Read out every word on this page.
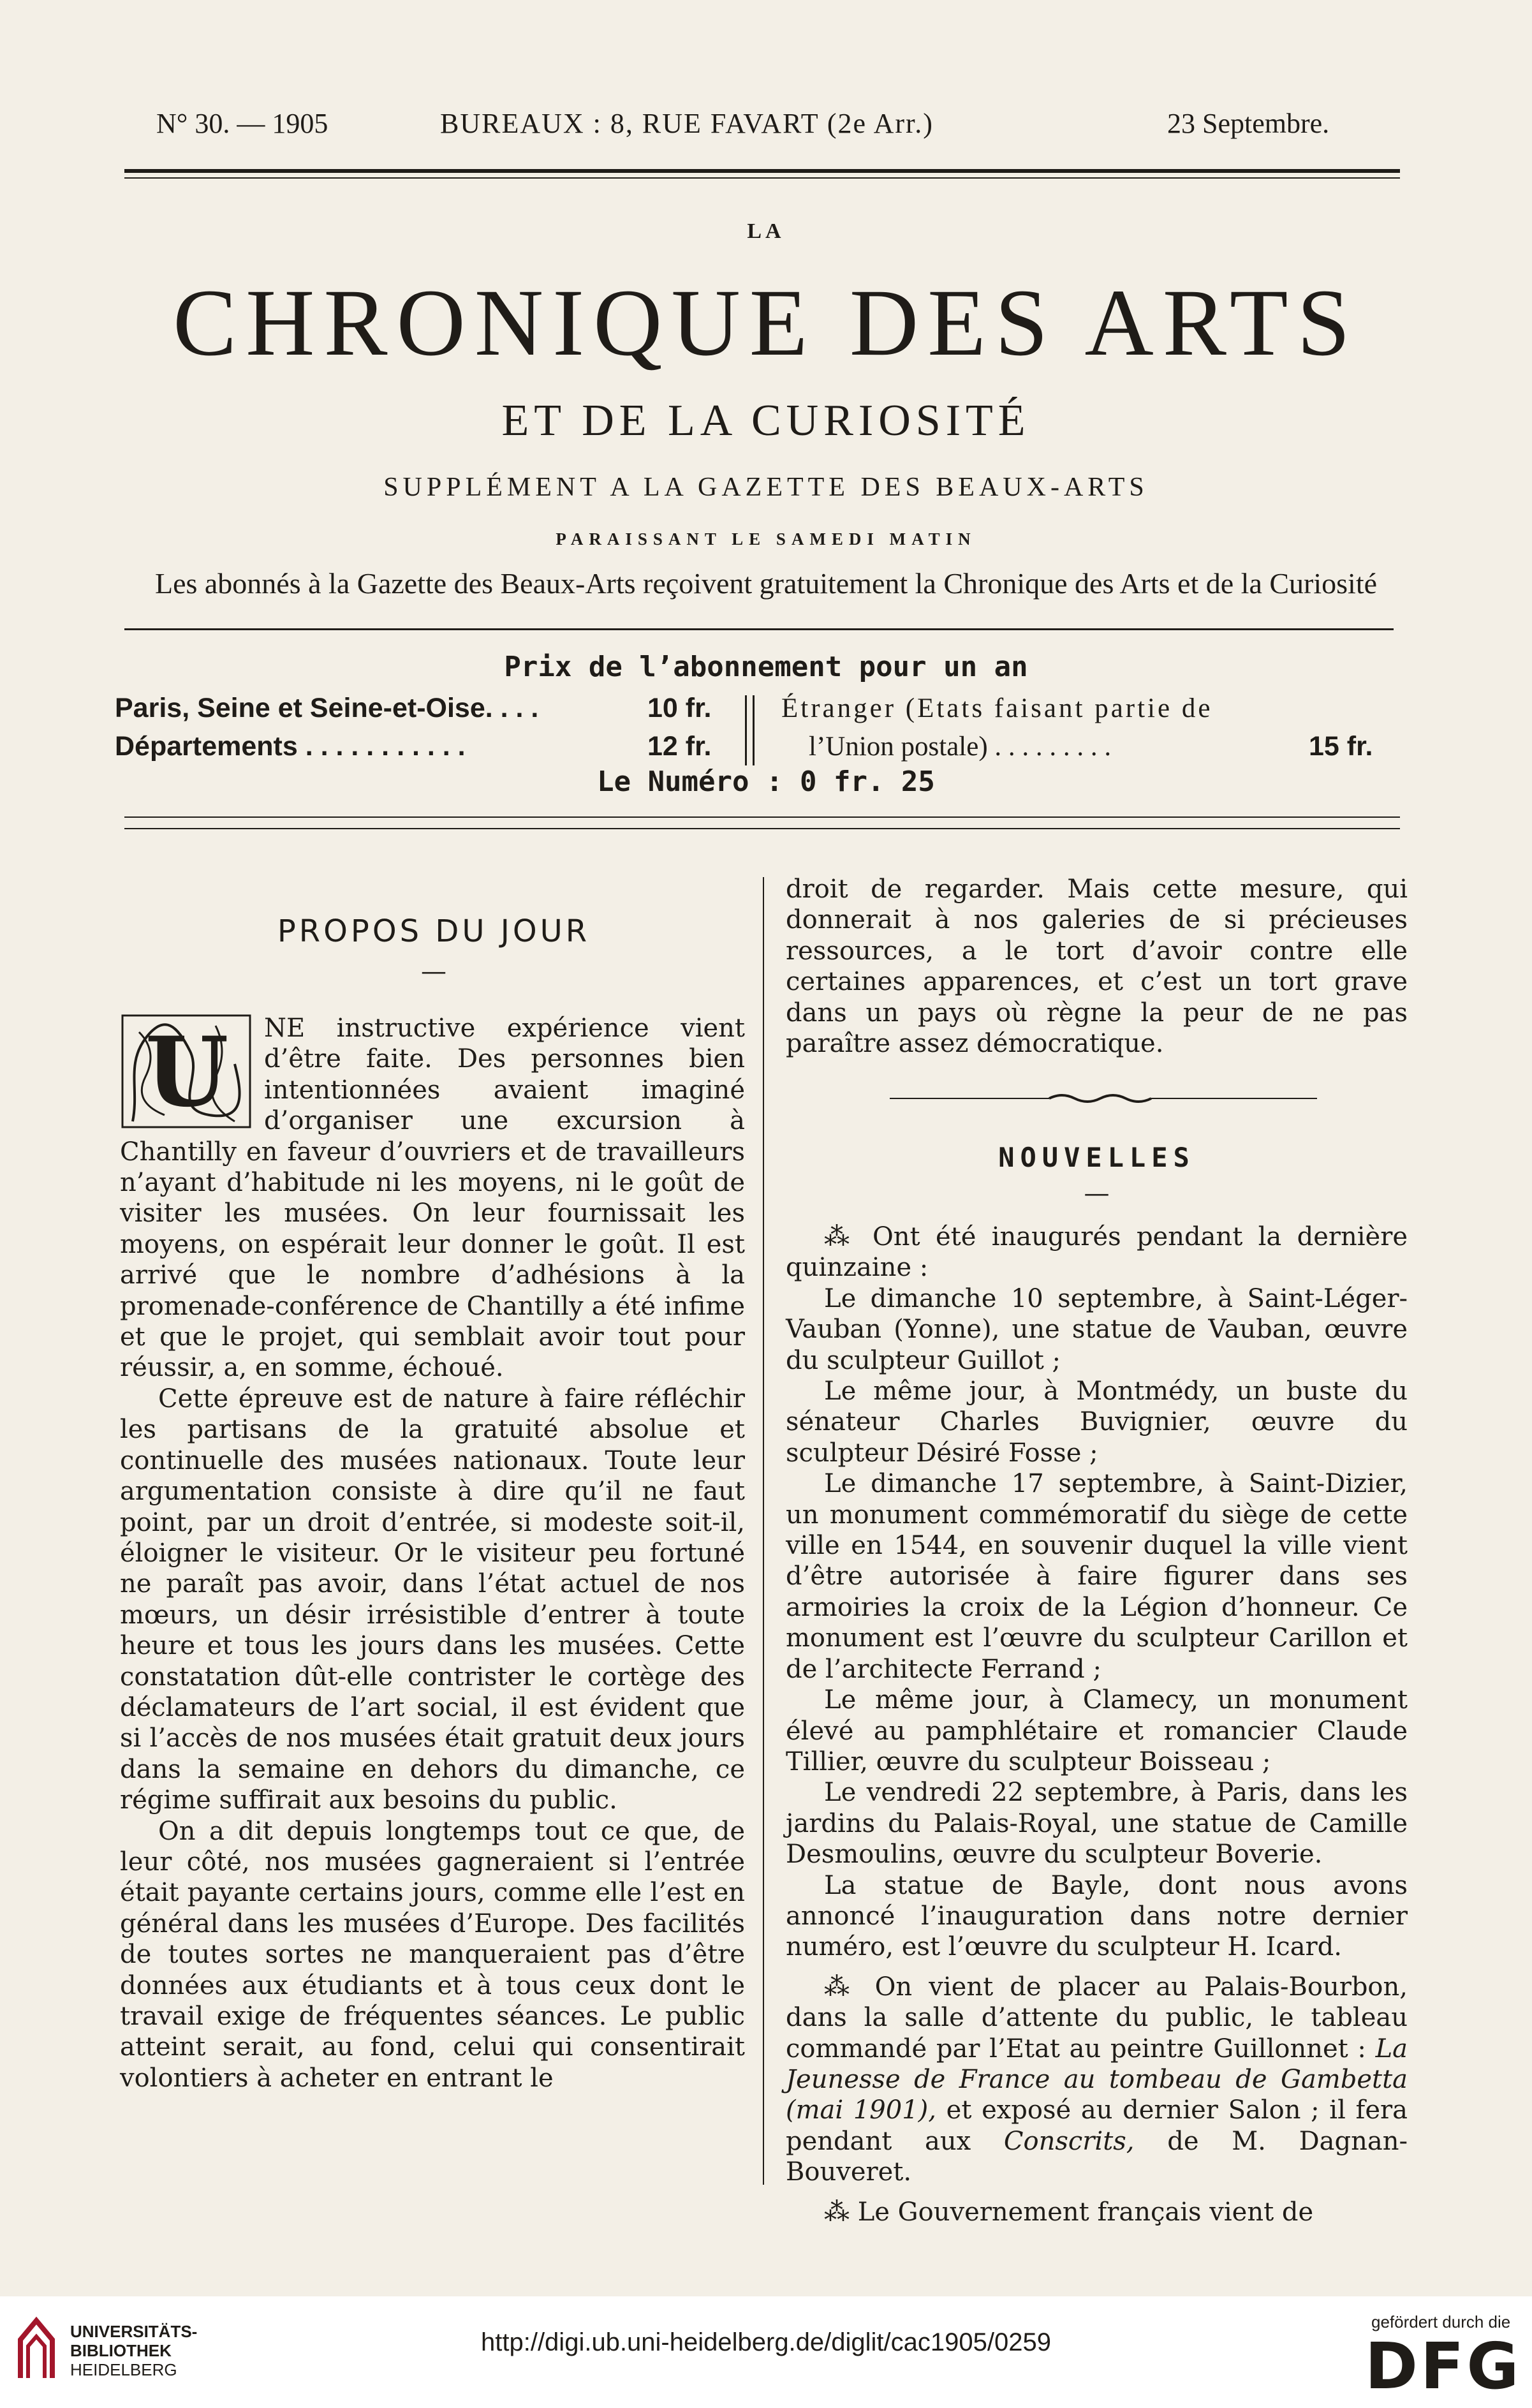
N° 30. — 1905	BUREAUX : 8, RUE FAVART (2e Arr.)	23 Septembre.
LA
CHRONIQUE DES ARTS
ET DE LA CURIOSITÉ
SUPPLÉMENT A LA GAZETTE DES BEAUX-ARTS
PARAISSANT LE SAMEDI MATIN
Les abonnés à la Gazette des Beaux-Arts reçoivent gratuitement la Chronique des Arts et de la Curiosité
Prix de l’abonnement pour un an
Paris, Seine et Seine-et-Oise. . . .	10 fr.
Départements . . . . . . . . . . .	12 fr.
Étranger (Etats faisant partie de
l’Union postale) . . . . . . . . .	15 fr.
Le Numéro : 0 fr. 25
PROPOS DU JOUR
—
U	NE instructive expérience vient d’être faite. Des personnes bien intentionnées avaient imaginé d’organiser une excursion à Chantilly en faveur d’ouvriers et de travailleurs n’ayant d’habitude ni les moyens, ni le goût de visiter les musées. On leur fournissait les moyens, on espérait leur donner le goût. Il est arrivé que le nombre d’adhésions à la promenade-conférence de Chantilly a été infime et que le projet, qui semblait avoir tout pour réussir, a, en somme, échoué.

Cette épreuve est de nature à faire réfléchir les partisans de la gratuité absolue et continuelle des musées nationaux. Toute leur argumentation consiste à dire qu’il ne faut point, par un droit d’entrée, si modeste soit-il, éloigner le visiteur. Or le visiteur peu fortuné ne paraît pas avoir, dans l’état actuel de nos mœurs, un désir irrésistible d’entrer à toute heure et tous les jours dans les musées. Cette constatation dût-elle contrister le cortège des déclamateurs de l’art social, il est évident que si l’accès de nos musées était gratuit deux jours dans la semaine en dehors du dimanche, ce régime suffirait aux besoins du public.

On a dit depuis longtemps tout ce que, de leur côté, nos musées gagneraient si l’entrée était payante certains jours, comme elle l’est en général dans les musées d’Europe. Des facilités de toutes sortes ne manqueraient pas d’être données aux étudiants et à tous ceux dont le travail exige de fréquentes séances. Le public atteint serait, au fond, celui qui consentirait volontiers à acheter en entrant le

droit de regarder. Mais cette mesure, qui donnerait à nos galeries de si précieuses ressources, a le tort d’avoir contre elle certaines apparences, et c’est un tort grave dans un pays où règne la peur de ne pas paraître assez démocratique.

NOUVELLES
—

⁂ Ont été inaugurés pendant la dernière quinzaine :

Le dimanche 10 septembre, à Saint-Léger-Vauban (Yonne), une statue de Vauban, œuvre du sculpteur Guillot ;

Le même jour, à Montmédy, un buste du sénateur Charles Buvignier, œuvre du sculpteur Désiré Fosse ;

Le dimanche 17 septembre, à Saint-Dizier, un monument commémoratif du siège de cette ville en 1544, en souvenir duquel la ville vient d’être autorisée à faire figurer dans ses armoiries la croix de la Légion d’honneur. Ce monument est l’œuvre du sculpteur Carillon et de l’architecte Ferrand ;

Le même jour, à Clamecy, un monument élevé au pamphlétaire et romancier Claude Tillier, œuvre du sculpteur Boisseau ;

Le vendredi 22 septembre, à Paris, dans les jardins du Palais-Royal, une statue de Camille Desmoulins, œuvre du sculpteur Boverie.

La statue de Bayle, dont nous avons annoncé l’inauguration dans notre dernier numéro, est l’œuvre du sculpteur H. Icard.

⁂ On vient de placer au Palais-Bourbon, dans la salle d’attente du public, le tableau commandé par l’Etat au peintre Guillonnet : La Jeunesse de France au tombeau de Gambetta (mai 1901), et exposé au dernier Salon ; il fera pendant aux Conscrits, de M. Dagnan-Bouveret.

⁂ Le Gouvernement français vient de

UNIVERSITÄTS-
BIBLIOTHEK
HEIDELBERG
http://digi.ub.uni-heidelberg.de/diglit/cac1905/0259
gefördert durch die
DFG
